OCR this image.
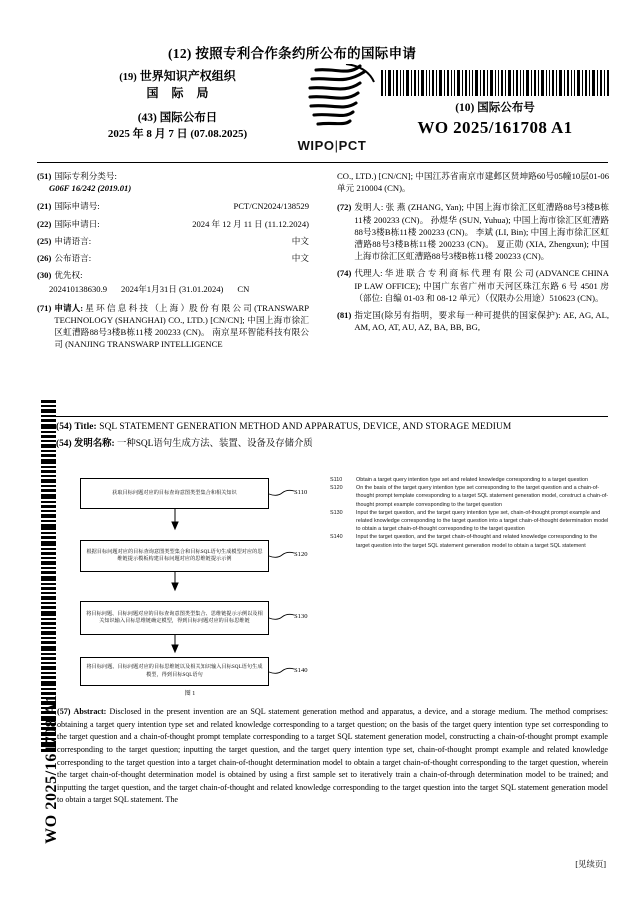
(12) 按照专利合作条约所公布的国际申请
(19) 世界知识产权组织
国 际 局
(43) 国际公布日
2025 年 8 月 7 日 (07.08.2025)
WIPO|PCT
(10) 国际公布号
WO 2025/161708 A1
(51) 国际专利分类号:
G06F 16/242 (2019.01)
(21) 国际申请号:	PCT/CN2024/138529
(22) 国际申请日:	2024 年 12 月 11 日 (11.12.2024)
(25) 申请语言:	中文
(26) 公布语言:	中文
(30) 优先权:
202410138630.9 2024年1月31日 (31.01.2024) CN
(71) 申请人: 星 环 信 息 科 技 （上 海 ）股 份 有 限 公 司 (TRANSWARP TECHNOLOGY (SHANGHAI) CO., LTD.) [CN/CN]; 中国上海市徐汇区虹漕路88号3楼B栋11楼 200233 (CN)。 南京星环智能科技有限公司 (NANJING TRANSWARP INTELLIGENCE
CO., LTD.) [CN/CN]; 中国江苏省南京市建邺区贤坤路60号05幢10层01-06单元 210004 (CN)。
(72) 发明人: 张 燕 (ZHANG, Yan); 中国上海市徐汇区虹漕路88号3楼B栋11楼 200233 (CN)。 孙煜华 (SUN, Yuhua); 中国上海市徐汇区虹漕路88号3楼B栋11楼 200233 (CN)。 李斌 (LI, Bin); 中国上海市徐汇区虹漕路88号3楼B栋11楼 200233 (CN)。 夏正勋 (XIA, Zhengxun); 中国上海市徐汇区虹漕路88号3楼B栋11楼 200233 (CN)。
(74) 代理人: 华 进 联 合 专 利 商 标 代 理 有 限 公 司 (ADVANCE CHINA IP LAW OFFICE); 中国广东省广州市天河区珠江东路 6 号 4501 房（部位: 自编 01-03 和 08-12 单元）（仅限办公用途）510623 (CN)。
(81) 指定国(除另有指明，要求每一种可提供的国家保护): AE, AG, AL, AM, AO, AT, AU, AZ, BA, BB, BG,
(54) Title: SQL STATEMENT GENERATION METHOD AND APPARATUS, DEVICE, AND STORAGE MEDIUM
(54) 发明名称: 一种SQL语句生成方法、装置、设备及存储介质
获取目标问题对应的目标查询意图类型集合和相关知识	S110
根据目标问题对应的目标查询意图类型集合和目标SQL语句生成模型对应的思维链提示模板构建目标问题对应的思维链提示示例
S120
将目标问题、目标问题对应的目标查询意图类型集合、思维链提示示例以及相关知识输入目标思维链确定模型，得到目标问题对应的目标思维链
S130
将目标问题、目标问题对应的目标思维链以及相关知识输入目标SQL语句生成模型，得到目标SQL语句
S140
图 1
S110	Obtain a target query intention type set and related knowledge corresponding to a target question
S120	On the basis of the target query intention type set corresponding to the target question and a chain-of-thought prompt template corresponding to a target SQL statement generation model, construct a chain-of-thought prompt example corresponding to the target question
S130	Input the target question, and the target query intention type set, chain-of-thought prompt example and related knowledge corresponding to the target question into a target chain-of-thought determination model to obtain a target chain-of-thought corresponding to the target question
S140	Input the target question, and the target chain-of-thought and related knowledge corresponding to the target question into the target SQL statement generation model to obtain a target SQL statement
(57) Abstract: Disclosed in the present invention are an SQL statement generation method and apparatus, a device, and a storage medium. The method comprises: obtaining a target query intention type set and related knowledge corresponding to a target question; on the basis of the target query intention type set corresponding to the target question and a chain-of-thought prompt template corresponding to a target SQL statement generation model, constructing a chain-of-thought prompt example corresponding to the target question; inputting the target question, and the target query intention type set, chain-of-thought prompt example and related knowledge corresponding to the target question into a target chain-of-thought determination model to obtain a target chain-of-thought corresponding to the target question, wherein the target chain-of-thought determination model is obtained by using a first sample set to iteratively train a chain-of-through determination model to be trained; and inputting the target question, and the target chain-of-thought and related knowledge corresponding to the target question into the target SQL statement generation model to obtain a target SQL statement. The
WO 2025/161708 A1
[见续页]
